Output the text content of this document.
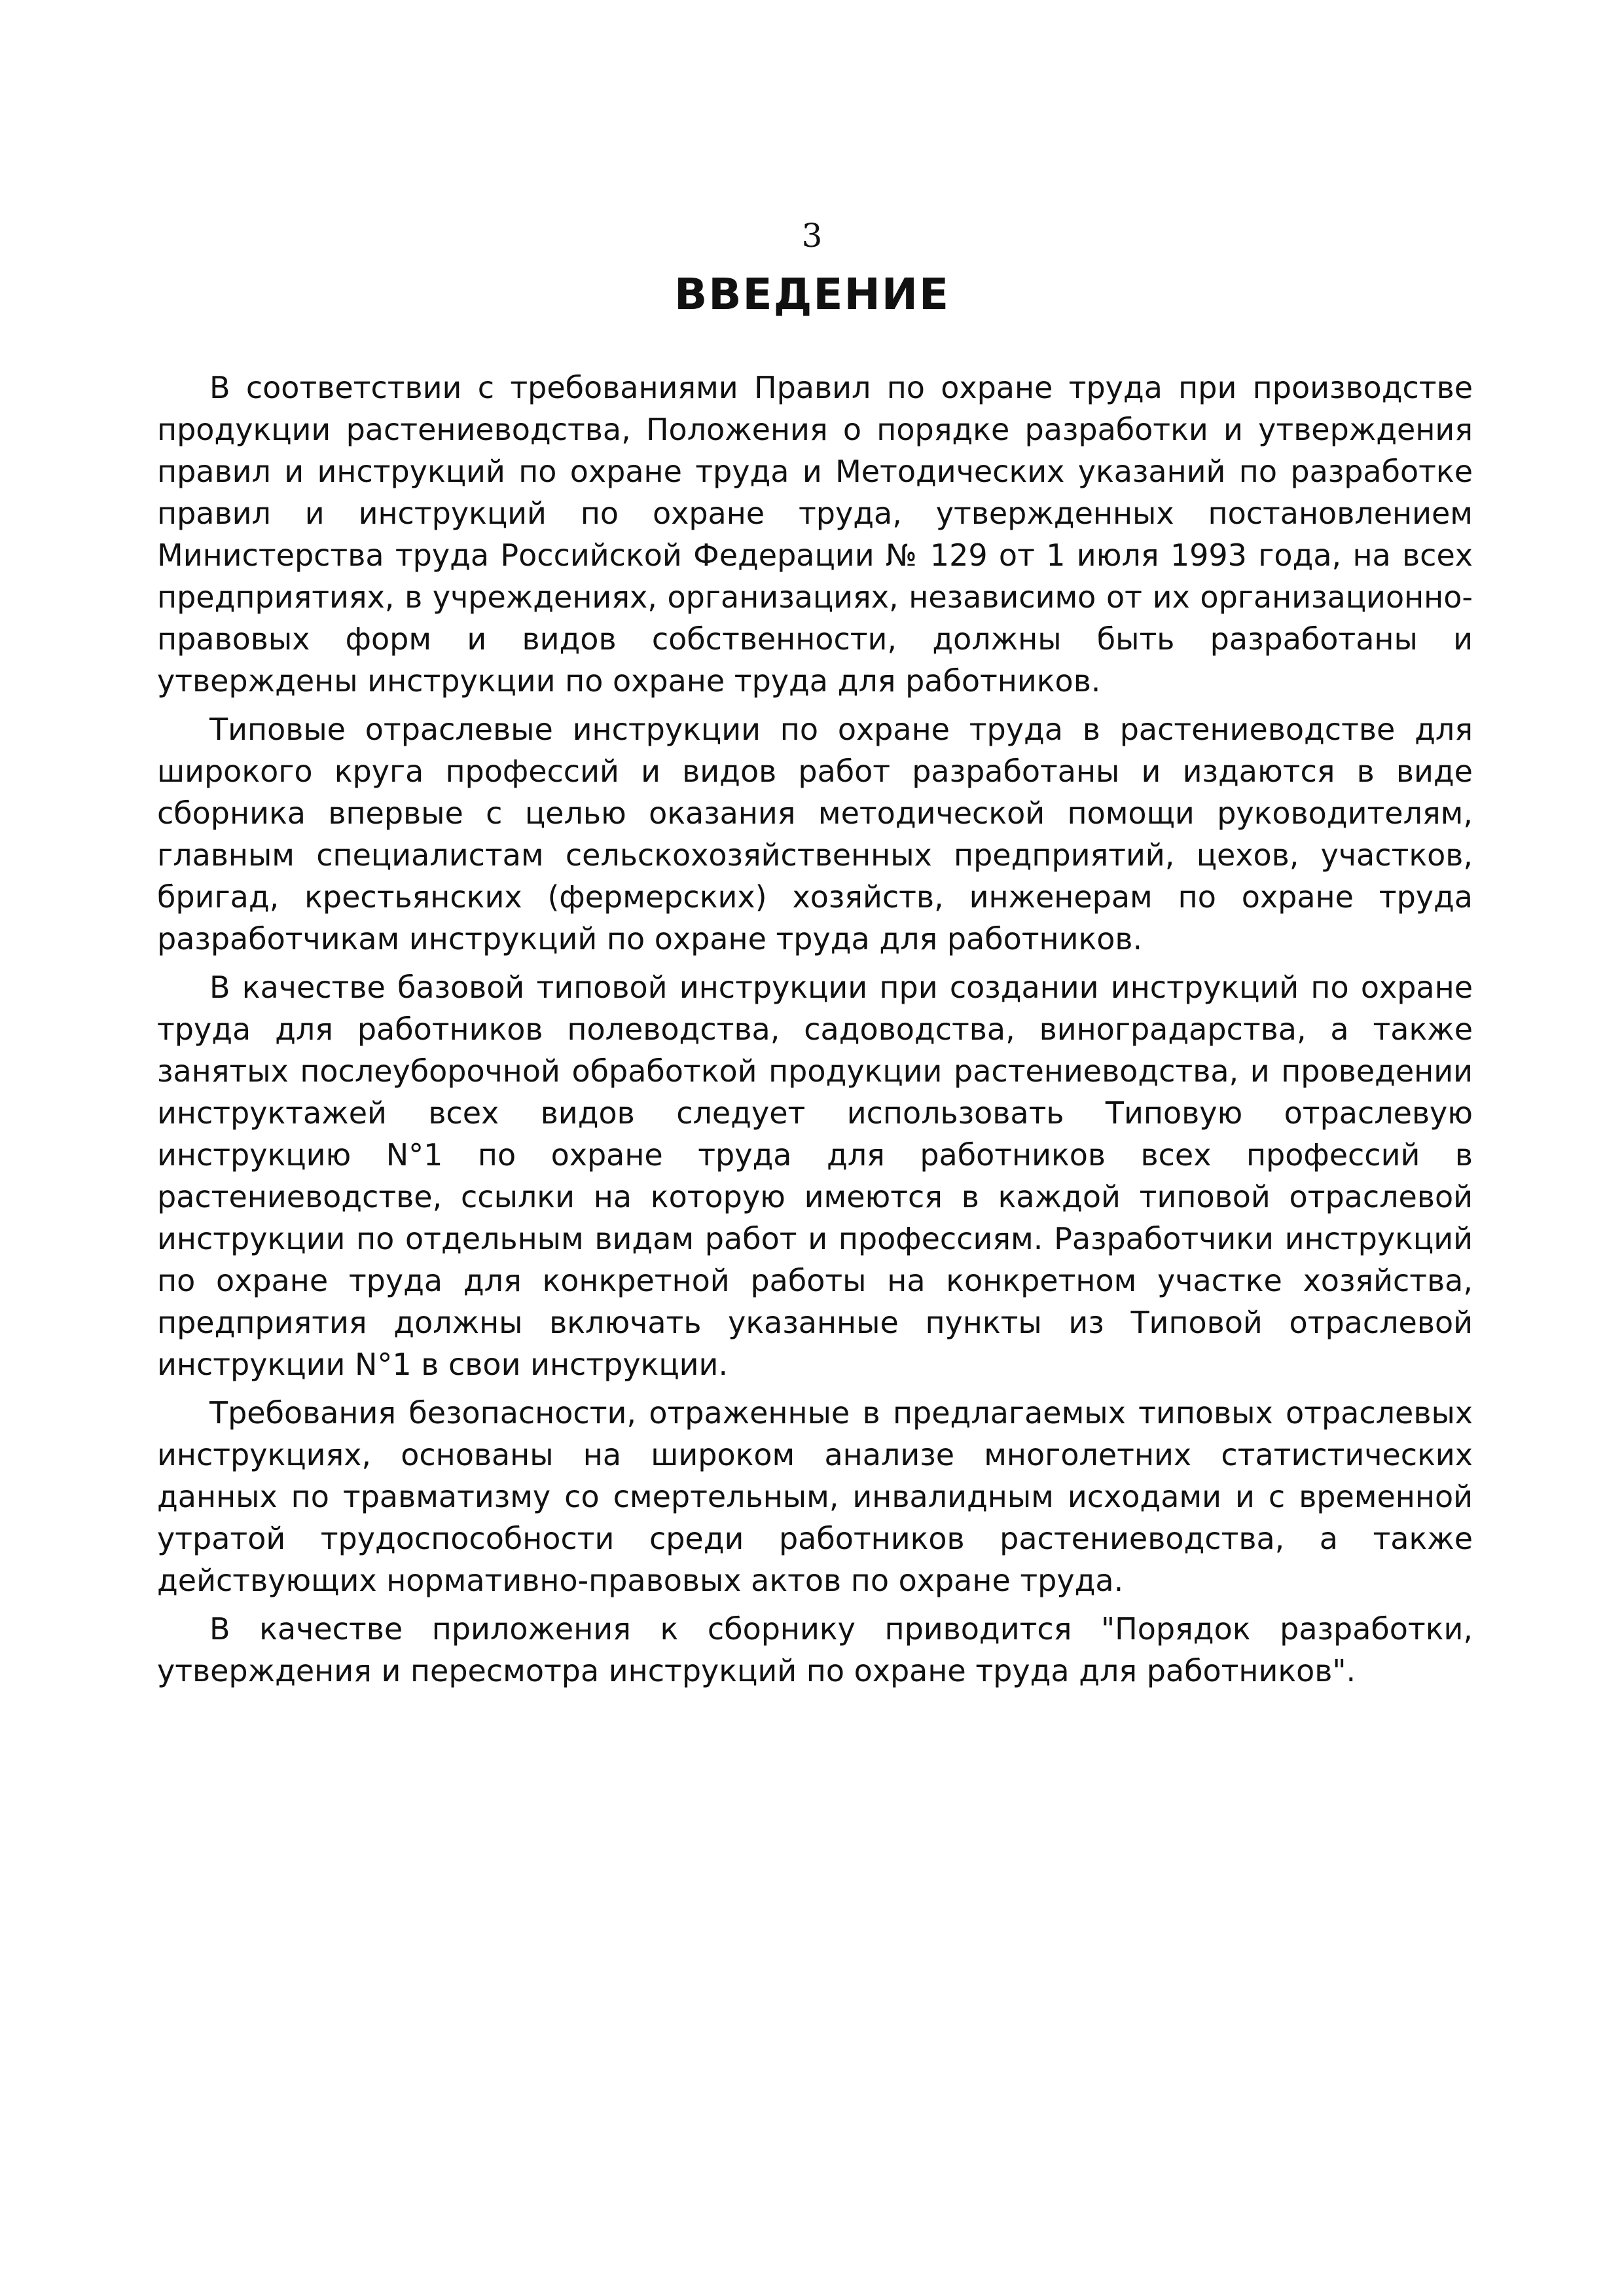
3
ВВЕДЕНИЕ

В соответствии с требованиями Правил по охране труда при производстве продукции растениеводства, Положения о порядке разработки и утверждения правил и инструкций по охране труда и Методических указаний по разработке правил и инструкций по охране труда, утвержденных постановлением Министерства труда Российской Федерации № 129 от 1 июля 1993 года, на всех предприятиях, в учреждениях, организациях, независимо от их организационно-правовых форм и видов собственности, должны быть разработаны и утверждены инструкции по охране труда для работников.

Типовые отраслевые инструкции по охране труда в растениеводстве для широкого круга профессий и видов работ разработаны и издаются в виде сборника впервые с целью оказания методической помощи руководителям, главным специалистам сельскохозяйственных предприятий, цехов, участков, бригад, крестьянских (фермерских) хозяйств, инженерам по охране труда разработчикам инструкций по охране труда для работников.

В качестве базовой типовой инструкции при создании инструкций по охране труда для работников полеводства, садоводства, виноградарства, а также занятых послеуборочной обработкой продукции растениеводства, и проведении инструктажей всех видов следует использовать Типовую отраслевую инструкцию N°1 по охране труда для работников всех профессий в растениеводстве, ссылки на которую имеются в каждой типовой отраслевой инструкции по отдельным видам работ и профессиям. Разработчики инструкций по охране труда для конкретной работы на конкретном участке хозяйства, предприятия должны включать указанные пункты из Типовой отраслевой инструкции N°1 в свои инструкции.

Требования безопасности, отраженные в предлагаемых типовых отраслевых инструкциях, основаны на широком анализе многолетних статистических данных по травматизму со смертельным, инвалидным исходами и с временной утратой трудоспособности среди работников растениеводства, а также действующих нормативно-правовых актов по охране труда.

В качестве приложения к сборнику приводится "Порядок разработки, утверждения и пересмотра инструкций по охране труда для работников".
